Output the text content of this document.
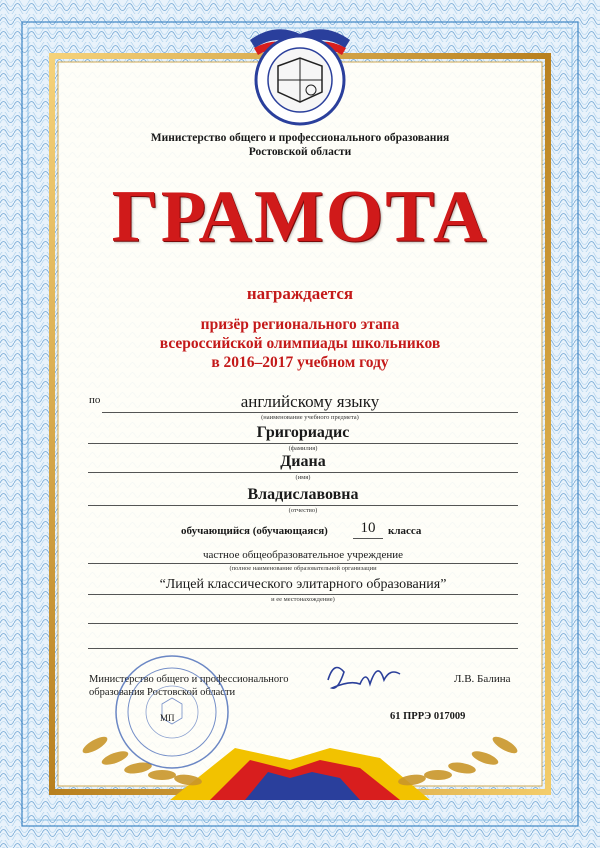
Министерство общего и профессионального образования
Ростовской области
ГРАМОТА
награждается
призёр регионального этапа
всероссийской олимпиады школьников
в 2016–2017 учебном году
по	английскому языку
(наименование учебного предмета)
Григориадис
(фамилия)
Диана
(имя)
Владиславовна
(отчество)
обучающийся (обучающаяся)	10	класса
частное общеобразовательное учреждение
(полное наименование образовательной организации
“Лицей классического элитарного образования”
и ее местонахождение)
Министерство общего и профессионального
образования Ростовской области
Л.В. Балина
МП	61 ПРРЭ 017009
